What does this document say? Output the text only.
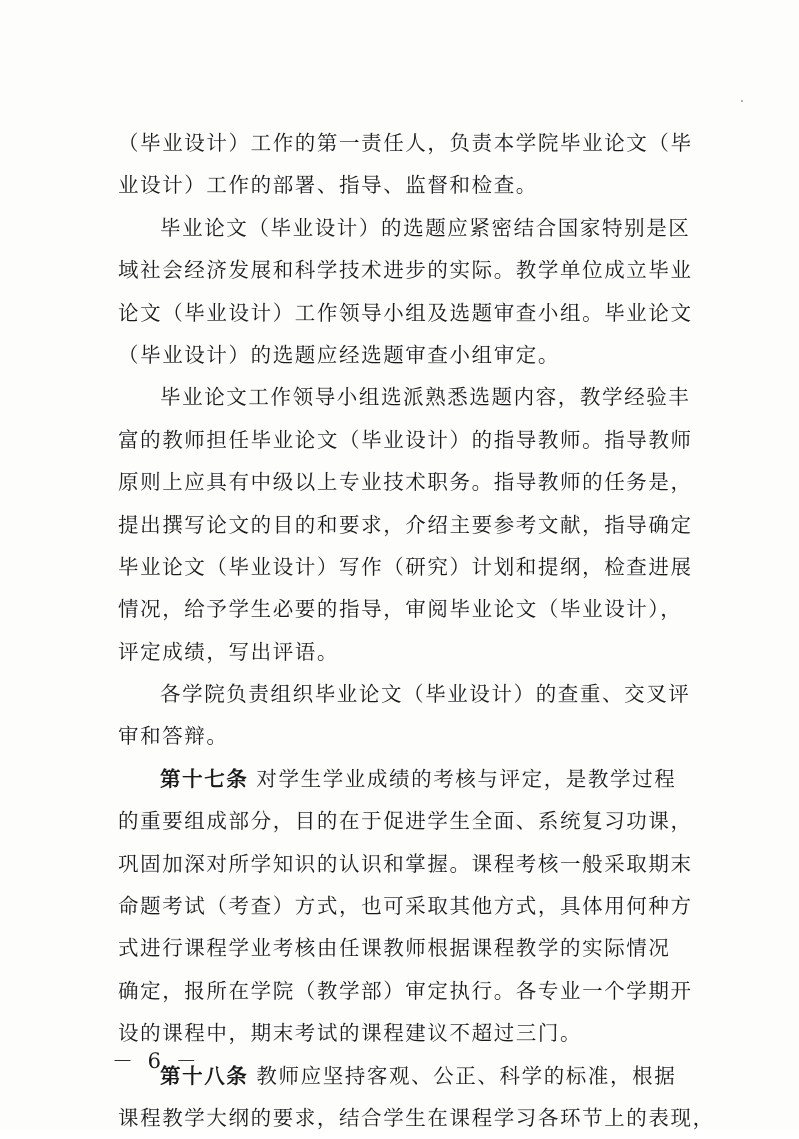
（毕业设计）工作的第一责任人，负责本学院毕业论文（毕
业设计）工作的部署、指导、监督和检查。
毕业论文（毕业设计）的选题应紧密结合国家特别是区
域社会经济发展和科学技术进步的实际。教学单位成立毕业
论文（毕业设计）工作领导小组及选题审查小组。毕业论文
（毕业设计）的选题应经选题审查小组审定。
毕业论文工作领导小组选派熟悉选题内容，教学经验丰
富的教师担任毕业论文（毕业设计）的指导教师。指导教师
原则上应具有中级以上专业技术职务。指导教师的任务是，
提出撰写论文的目的和要求，介绍主要参考文献，指导确定
毕业论文（毕业设计）写作（研究）计划和提纲，检查进展
情况，给予学生必要的指导，审阅毕业论文（毕业设计），
评定成绩，写出评语。
各学院负责组织毕业论文（毕业设计）的查重、交叉评
审和答辩。
第十七条 对学生学业成绩的考核与评定，是教学过程
的重要组成部分，目的在于促进学生全面、系统复习功课，
巩固加深对所学知识的认识和掌握。课程考核一般采取期末
命题考试（考查）方式，也可采取其他方式，具体用何种方
式进行课程学业考核由任课教师根据课程教学的实际情况
确定，报所在学院（教学部）审定执行。各专业一个学期开
设的课程中，期末考试的课程建议不超过三门。
第十八条 教师应坚持客观、公正、科学的标准，根据
课程教学大纲的要求，结合学生在课程学习各环节上的表现，
－ 6 －
